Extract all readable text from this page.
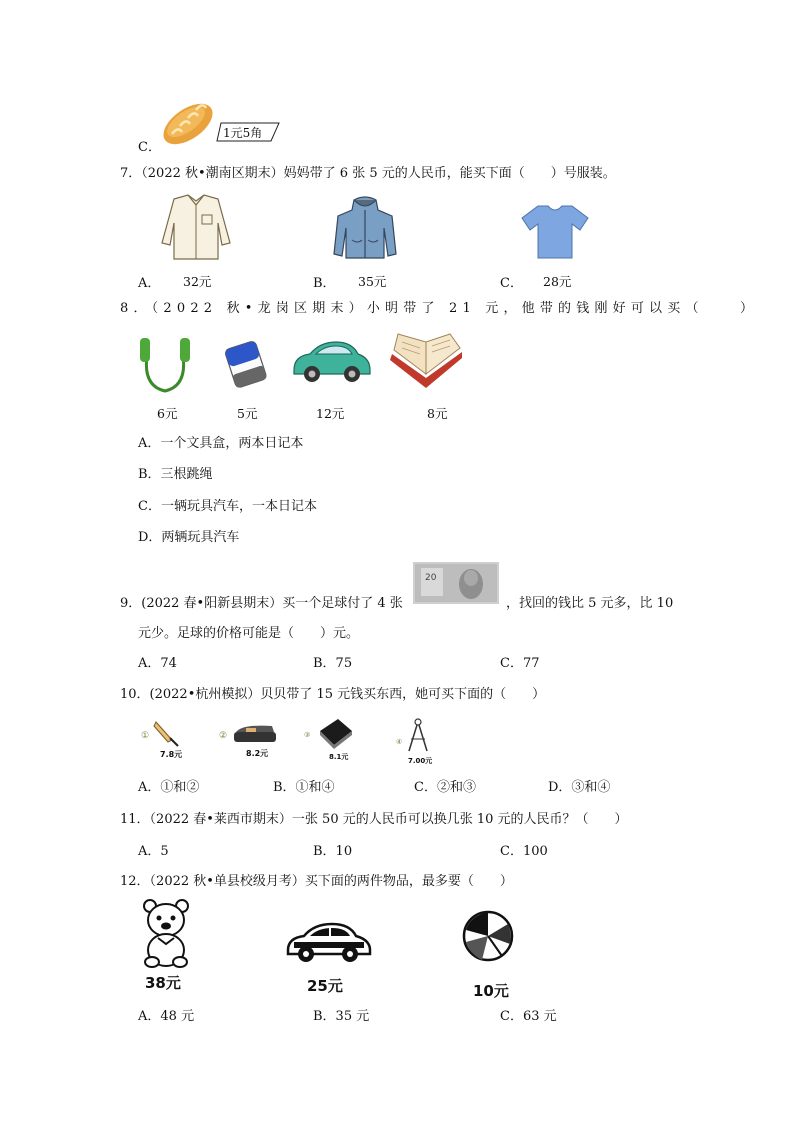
C．
1元5角
7．（2022 秋•潮南区期末）妈妈带了 6 张 5 元的人民币，能买下面（　　）号服装。
A． 32元	B． 35元	C． 28元
8．（2022 秋•龙岗区期末）小明带了 21 元，他带的钱刚好可以买（　　）
6元	5元	12元	8元
A．一个文具盒，两本日记本
B．三根跳绳
C．一辆玩具汽车，一本日记本
D．两辆玩具汽车
9．(2022 春•阳新县期末）买一个足球付了 4 张
20
，找回的钱比 5 元多，比 10
元少。足球的价格可能是（　　）元。
A．74	B．75	C．77
10．(2022•杭州模拟）贝贝带了 15 元钱买东西，她可买下面的（　　）
①
7.8元
②
8.2元
③
8.1元
④
7.00元
A．①和②	B．①和④	C．②和③	D．③和④
11．（2022 春•莱西市期末）一张 50 元的人民币可以换几张 10 元的人民币？（　　）
A．5	B．10	C．100
12．（2022 秋•单县校级月考）买下面的两件物品，最多要（　　）
38元	25元	10元
A．48 元	B．35 元	C．63 元
